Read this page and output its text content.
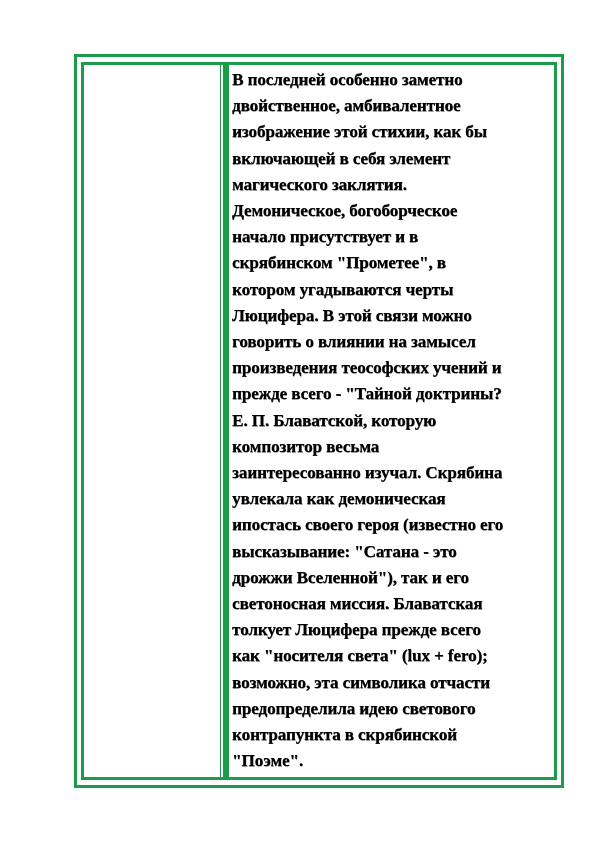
В последней особенно заметно
двойственное, амбивалентное
изображение этой стихии, как бы
включающей в себя элемент
магического заклятия.
Демоническое, богоборческое
начало присутствует и в
скрябинском "Прометее", в
котором угадываются черты
Люцифера. В этой связи можно
говорить о влиянии на замысел
произведения теософских учений и
прежде всего - "Тайной доктрины?
Е. П. Блаватской, которую
композитор весьма
заинтересованно изучал. Скрябина
увлекала как демоническая
ипостась своего героя (известно его
высказывание: "Сатана - это
дрожжи Вселенной"), так и его
светоносная миссия. Блаватская
толкует Люцифера прежде всего
как "носителя света" (lux + fero);
возможно, эта символика отчасти
предопределила идею светового
контрапункта в скрябинской
"Поэме".
